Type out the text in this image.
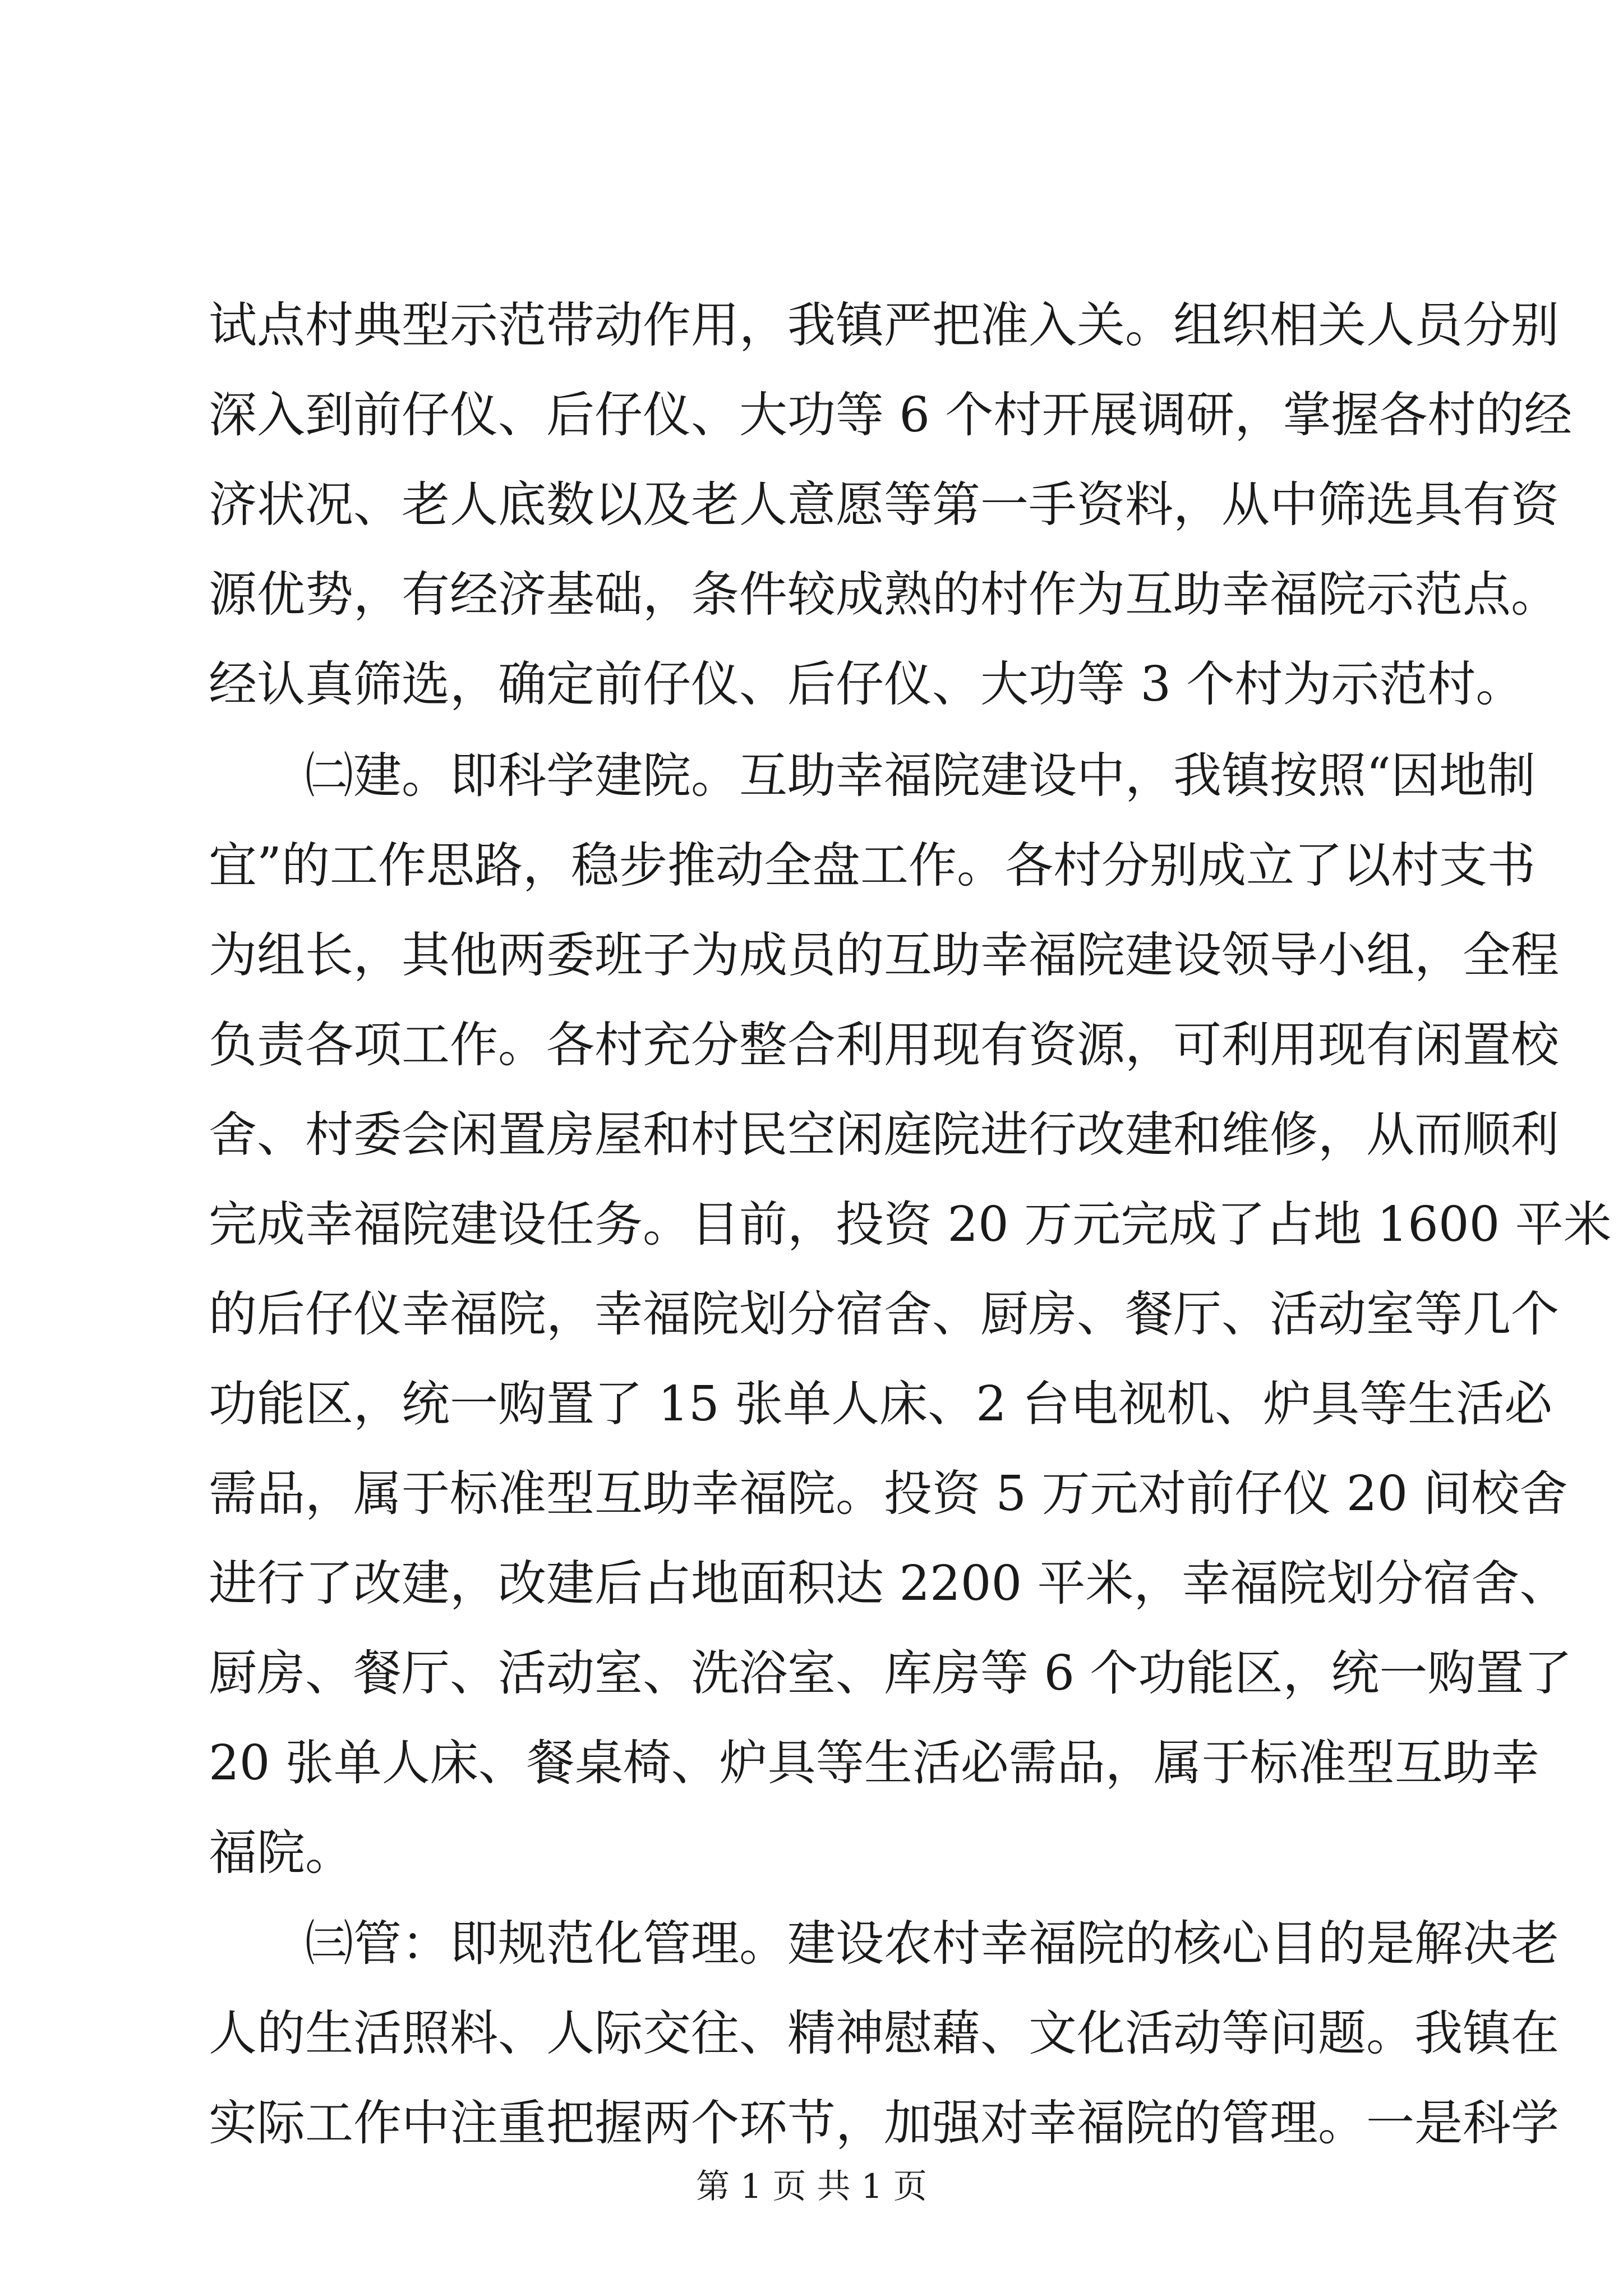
试点村典型示范带动作用，我镇严把准入关。组织相关人员分别
深入到前仔仪、后仔仪、大功等 6 个村开展调研，掌握各村的经
济状况、老人底数以及老人意愿等第一手资料，从中筛选具有资
源优势，有经济基础，条件较成熟的村作为互助幸福院示范点。
经认真筛选，确定前仔仪、后仔仪、大功等 3 个村为示范村。
㈡建。即科学建院。互助幸福院建设中，我镇按照“因地制
宜”的工作思路，稳步推动全盘工作。各村分别成立了以村支书
为组长，其他两委班子为成员的互助幸福院建设领导小组，全程
负责各项工作。各村充分整合利用现有资源，可利用现有闲置校
舍、村委会闲置房屋和村民空闲庭院进行改建和维修，从而顺利
完成幸福院建设任务。目前，投资 20 万元完成了占地 1600 平米
的后仔仪幸福院，幸福院划分宿舍、厨房、餐厅、活动室等几个
功能区，统一购置了 15 张单人床、2 台电视机、炉具等生活必
需品，属于标准型互助幸福院。投资 5 万元对前仔仪 20 间校舍
进行了改建，改建后占地面积达 2200 平米，幸福院划分宿舍、
厨房、餐厅、活动室、洗浴室、库房等 6 个功能区，统一购置了
20 张单人床、餐桌椅、炉具等生活必需品，属于标准型互助幸
福院。
㈢管：即规范化管理。建设农村幸福院的核心目的是解决老
人的生活照料、人际交往、精神慰藉、文化活动等问题。我镇在
实际工作中注重把握两个环节，加强对幸福院的管理。一是科学
第 1 页 共 1 页
